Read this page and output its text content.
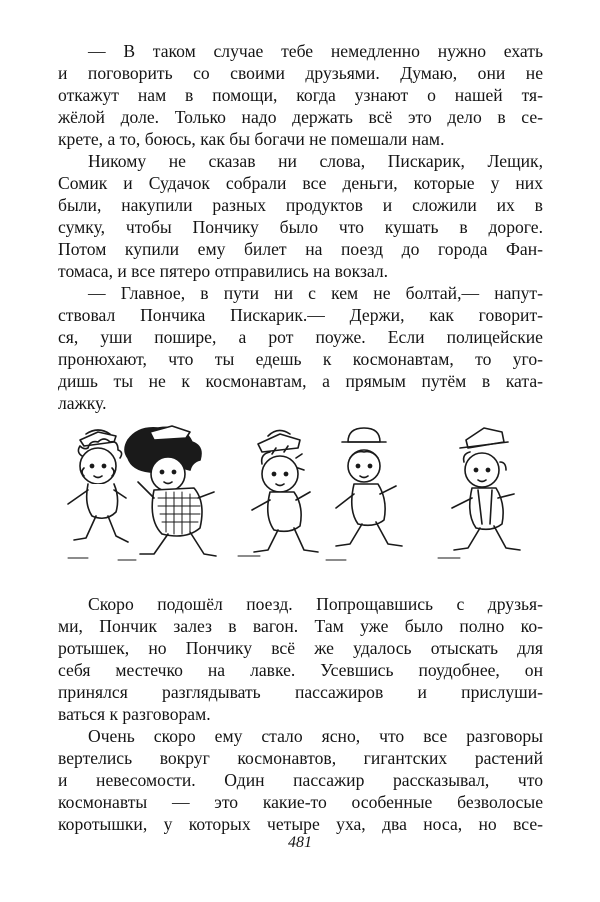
— В таком случае тебе немедленно нужно ехать
и поговорить со своими друзьями. Думаю, они не
откажут нам в помощи, когда узнают о нашей тя-
жёлой доле. Только надо держать всё это дело в се-
крете, а то, боюсь, как бы богачи не помешали нам.
Никому не сказав ни слова, Пискарик, Лещик,
Сомик и Судачок собрали все деньги, которые у них
были, накупили разных продуктов и сложили их в
сумку, чтобы Пончику было что кушать в дороге.
Потом купили ему билет на поезд до города Фан-
томаса, и все пятеро отправились на вокзал.
— Главное, в пути ни с кем не болтай,— напут-
ствовал Пончика Пискарик.— Держи, как говорит-
ся, уши пошире, а рот поуже. Если полицейские
пронюхают, что ты едешь к космонавтам, то уго-
дишь ты не к космонавтам, а прямым путём в ката-
лажку.
Скоро подошёл поезд. Попрощавшись с друзья-
ми, Пончик залез в вагон. Там уже было полно ко-
ротышек, но Пончику всё же удалось отыскать для
себя местечко на лавке. Усевшись поудобнее, он
принялся разглядывать пассажиров и прислуши-
ваться к разговорам.
Очень скоро ему стало ясно, что все разговоры
вертелись вокруг космонавтов, гигантских растений
и невесомости. Один пассажир рассказывал, что
космонавты — это какие-то особенные безволосые
коротышки, у которых четыре уха, два носа, но все-
481
